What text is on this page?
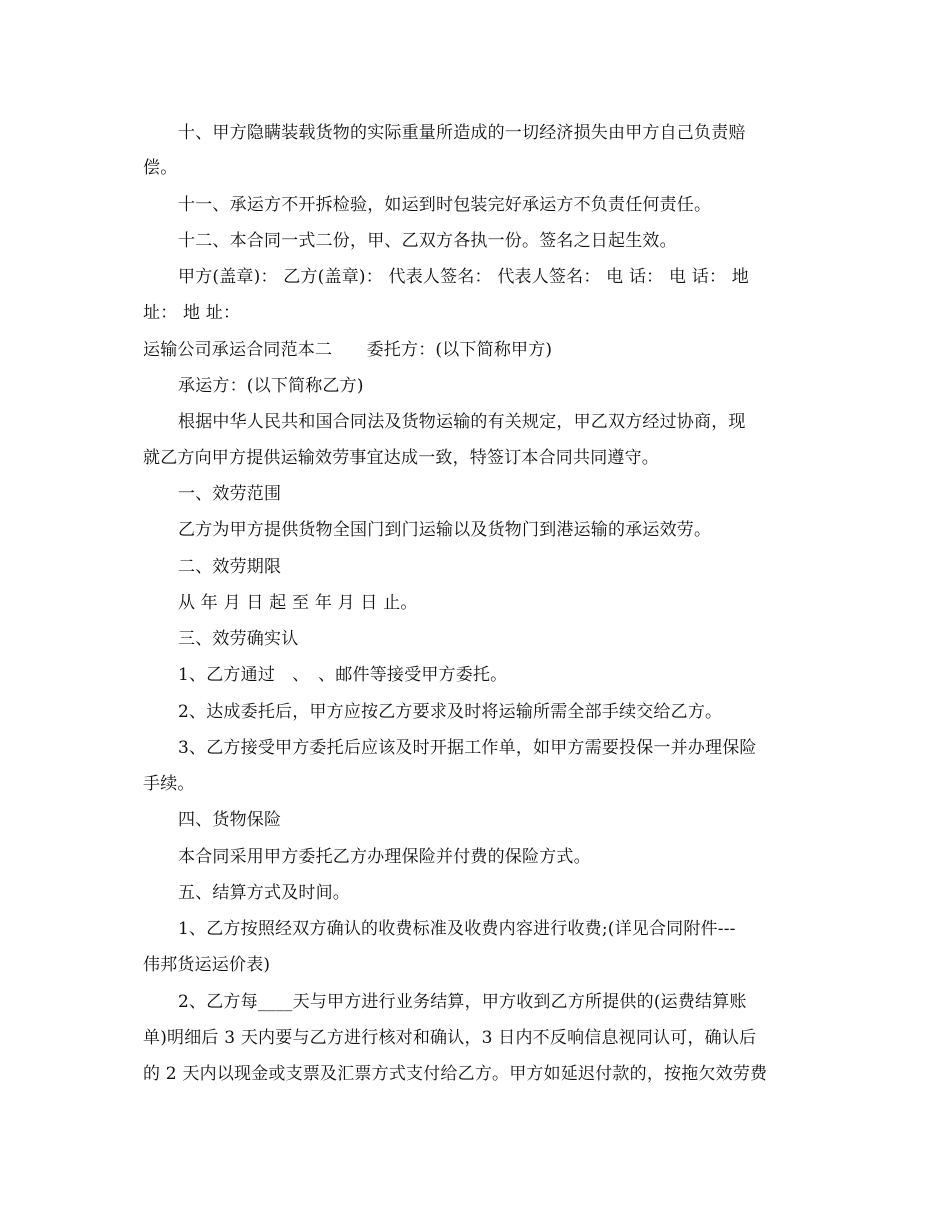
十、甲方隐瞒装载货物的实际重量所造成的一切经济损失由甲方自己负责赔
偿。
十一、承运方不开拆检验，如运到时包装完好承运方不负责任何责任。
十二、本合同一式二份，甲、乙双方各执一份。签名之日起生效。
甲方(盖章)： 乙方(盖章)： 代表人签名： 代表人签名： 电 话： 电 话： 地
址： 地 址：
运输公司承运合同范本二　　委托方：(以下简称甲方)
承运方：(以下简称乙方)
根据中华人民共和国合同法及货物运输的有关规定，甲乙双方经过协商，现
就乙方向甲方提供运输效劳事宜达成一致，特签订本合同共同遵守。
一、效劳范围
乙方为甲方提供货物全国门到门运输以及货物门到港运输的承运效劳。
二、效劳期限
从 年 月 日 起 至 年 月 日 止。
三、效劳确实认
1、乙方通过　、　、邮件等接受甲方委托。
2、达成委托后，甲方应按乙方要求及时将运输所需全部手续交给乙方。
3、乙方接受甲方委托后应该及时开据工作单，如甲方需要投保一并办理保险
手续。
四、货物保险
本合同采用甲方委托乙方办理保险并付费的保险方式。
五、结算方式及时间。
1、乙方按照经双方确认的收费标准及收费内容进行收费;(详见合同附件---
伟邦货运运价表)
2、乙方每____天与甲方进行业务结算，甲方收到乙方所提供的(运费结算账
单)明细后 3 天内要与乙方进行核对和确认，3 日内不反响信息视同认可，确认后
的 2 天内以现金或支票及汇票方式支付给乙方。甲方如延迟付款的，按拖欠效劳费
